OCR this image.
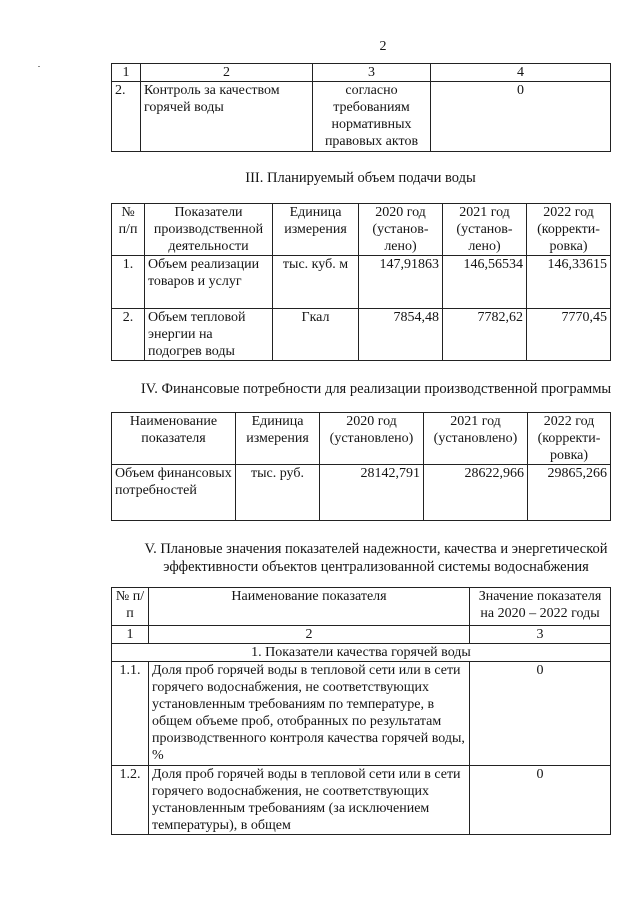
2
1	2	3	4
2.	Контроль за качеством горячей воды	согласно требованиям нормативных правовых актов	0
III. Планируемый объем подачи воды
№ п/п	Показатели производственной деятельности	Единица измерения	2020 год (установ-лено)	2021 год (установ-лено)	2022 год (корректи-ровка)
1.	Объем реализации товаров и услуг	тыс. куб. м	147,91863	146,56534	146,33615
2.	Объем тепловой энергии на подогрев воды	Гкал	7854,48	7782,62	7770,45
IV. Финансовые потребности для реализации производственной программы
Наименование показателя	Единица измерения	2020 год (установлено)	2021 год (установлено)	2022 год (корректи-ровка)
Объем финансовых потребностей	тыс. руб.	28142,791	28622,966	29865,266
V. Плановые значения показателей надежности, качества и энергетической
эффективности объектов централизованной системы водоснабжения
№ п/п	Наименование показателя	Значение показателя на 2020 – 2022 годы
1	2	3
1. Показатели качества горячей воды		
1.1.	Доля проб горячей воды в тепловой сети или в сети горячего водоснабжения, не соответствующих установленным требованиям по температуре, в общем объеме проб, отобранных по результатам производственного контроля качества горячей воды, %	0
1.2.	Доля проб горячей воды в тепловой сети или в сети горячего водоснабжения, не соответствующих установленным требованиям (за исключением температуры), в общем	0
